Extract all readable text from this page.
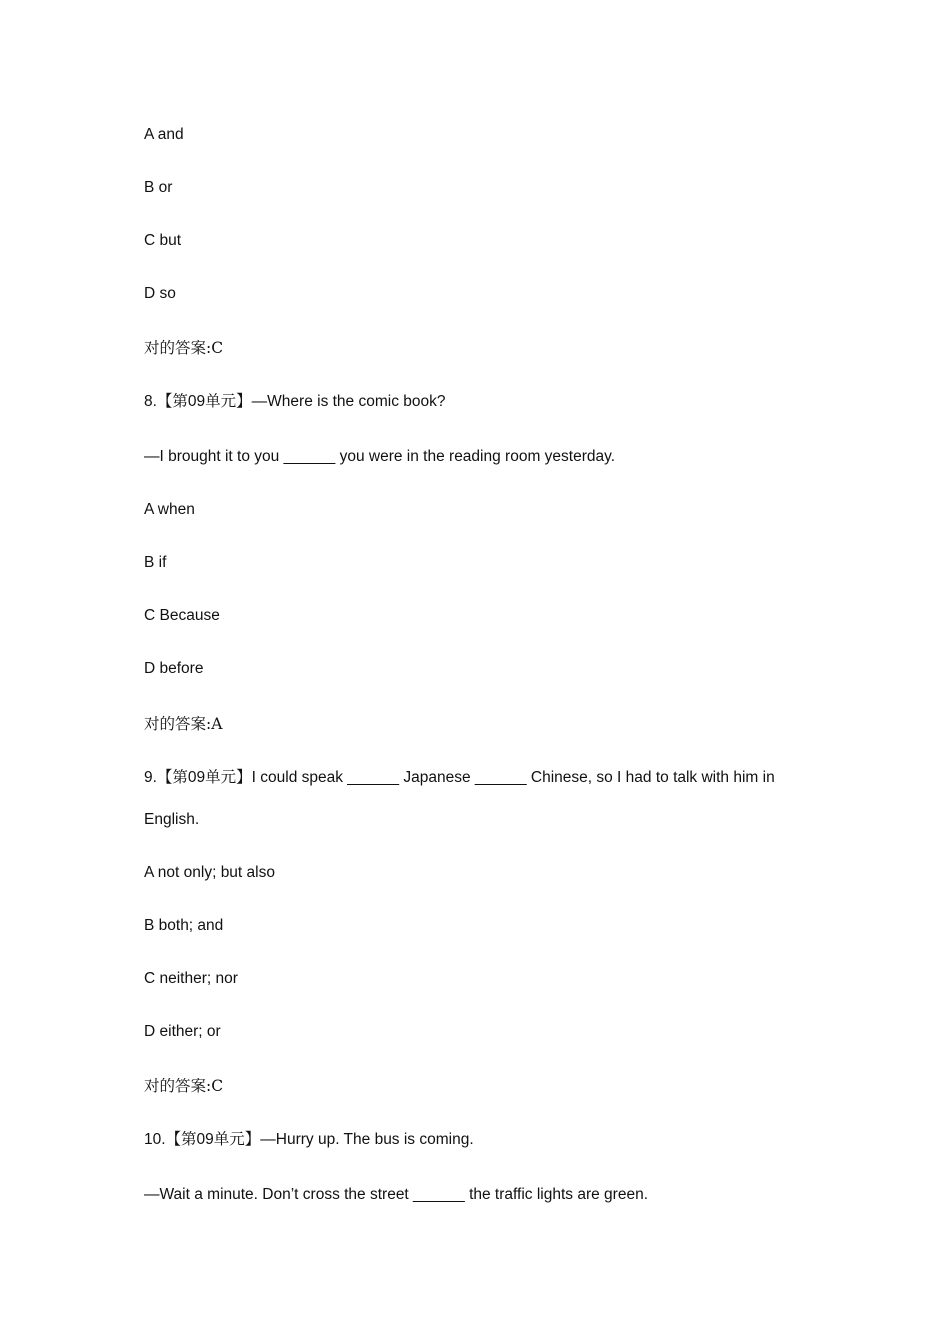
A and
B or
C but
D so
对的答案:C
8.【第09单元】—Where is the comic book?
—I brought it to you ______ you were in the reading room yesterday.
A when
B if
C Because
D before
对的答案:A
9.【第09单元】I could speak ______ Japanese ______ Chinese, so I had to talk with him in
English.
A not only; but also
B both; and
C neither; nor
D either; or
对的答案:C
10.【第09单元】—Hurry up. The bus is coming.
—Wait a minute. Don’t cross the street ______ the traffic lights are green.
